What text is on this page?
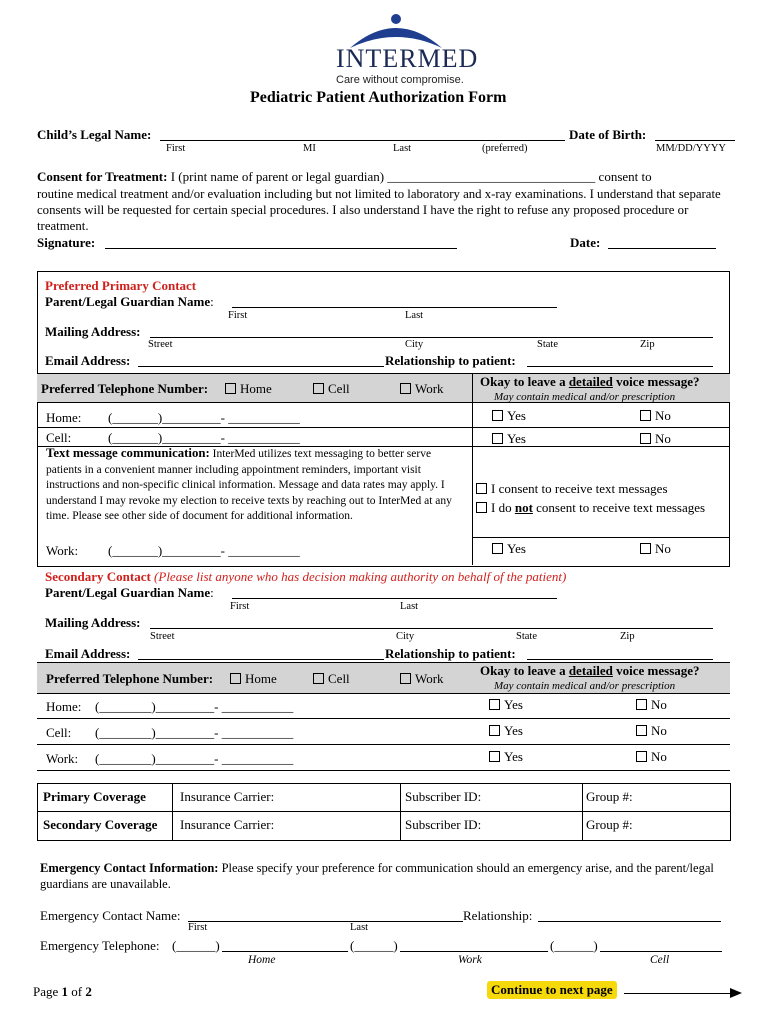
INTERMED
Care without compromise.
Pediatric Patient Authorization Form
Child’s Legal Name:	Date of Birth:
First	MI	Last	(preferred)	MM/DD/YYYY
Consent for Treatment: I (print name of parent or legal guardian) ________________________________ consent to
routine medical treatment and/or evaluation including but not limited to laboratory and x-ray examinations. I understand that separate consents will be requested for certain special procedures. I also understand I have the right to refuse any proposed procedure or treatment.
Signature:	Date:
Preferred Primary Contact
Parent/Legal Guardian Name:
First	Last
Mailing Address:
Street	City	State	Zip
Email Address:	Relationship to patient:
Preferred Telephone Number:	Home	Cell	Work	Okay to leave a detailed voice message?
May contain medical and/or prescription
Home: (_______)_________- ___________	Yes	No
Cell:	(_______)_________- ___________	Yes	No
Text message communication: InterMed utilizes text messaging to better serve patients in a convenient manner including appointment reminders, important visit instructions and non-specific clinical information. Message and data rates may apply. I understand I may revoke my election to receive texts by reaching out to InterMed at any time. Please see other side of document for additional information.
I consent to receive text messages
I do not consent to receive text messages
Work: (_______)_________- ___________	Yes	No
Secondary Contact (Please list anyone who has decision making authority on behalf of the patient)
Parent/Legal Guardian Name:
First	Last
Mailing Address:
Street	City	State	Zip
Email Address:	Relationship to patient:
Preferred Telephone Number:	Home	Cell	Work
Okay to leave a detailed voice message?
May contain medical and/or prescription
Home: (________)_________- ___________	Yes	No
Cell: (________)_________- ___________	Yes	No
Work: (________)_________- ___________	Yes	No
Primary Coverage	Insurance Carrier:	Subscriber ID:	Group #:
Secondary Coverage Insurance Carrier:	Subscriber ID:	Group #:
Emergency Contact Information: Please specify your preference for communication should an emergency arise, and the parent/legal guardians are unavailable.
Emergency Contact Name:	Relationship:
First	Last
Emergency Telephone: (______)	(______)	(______)
Home	Work	Cell
Page 1 of 2	Continue to next page
